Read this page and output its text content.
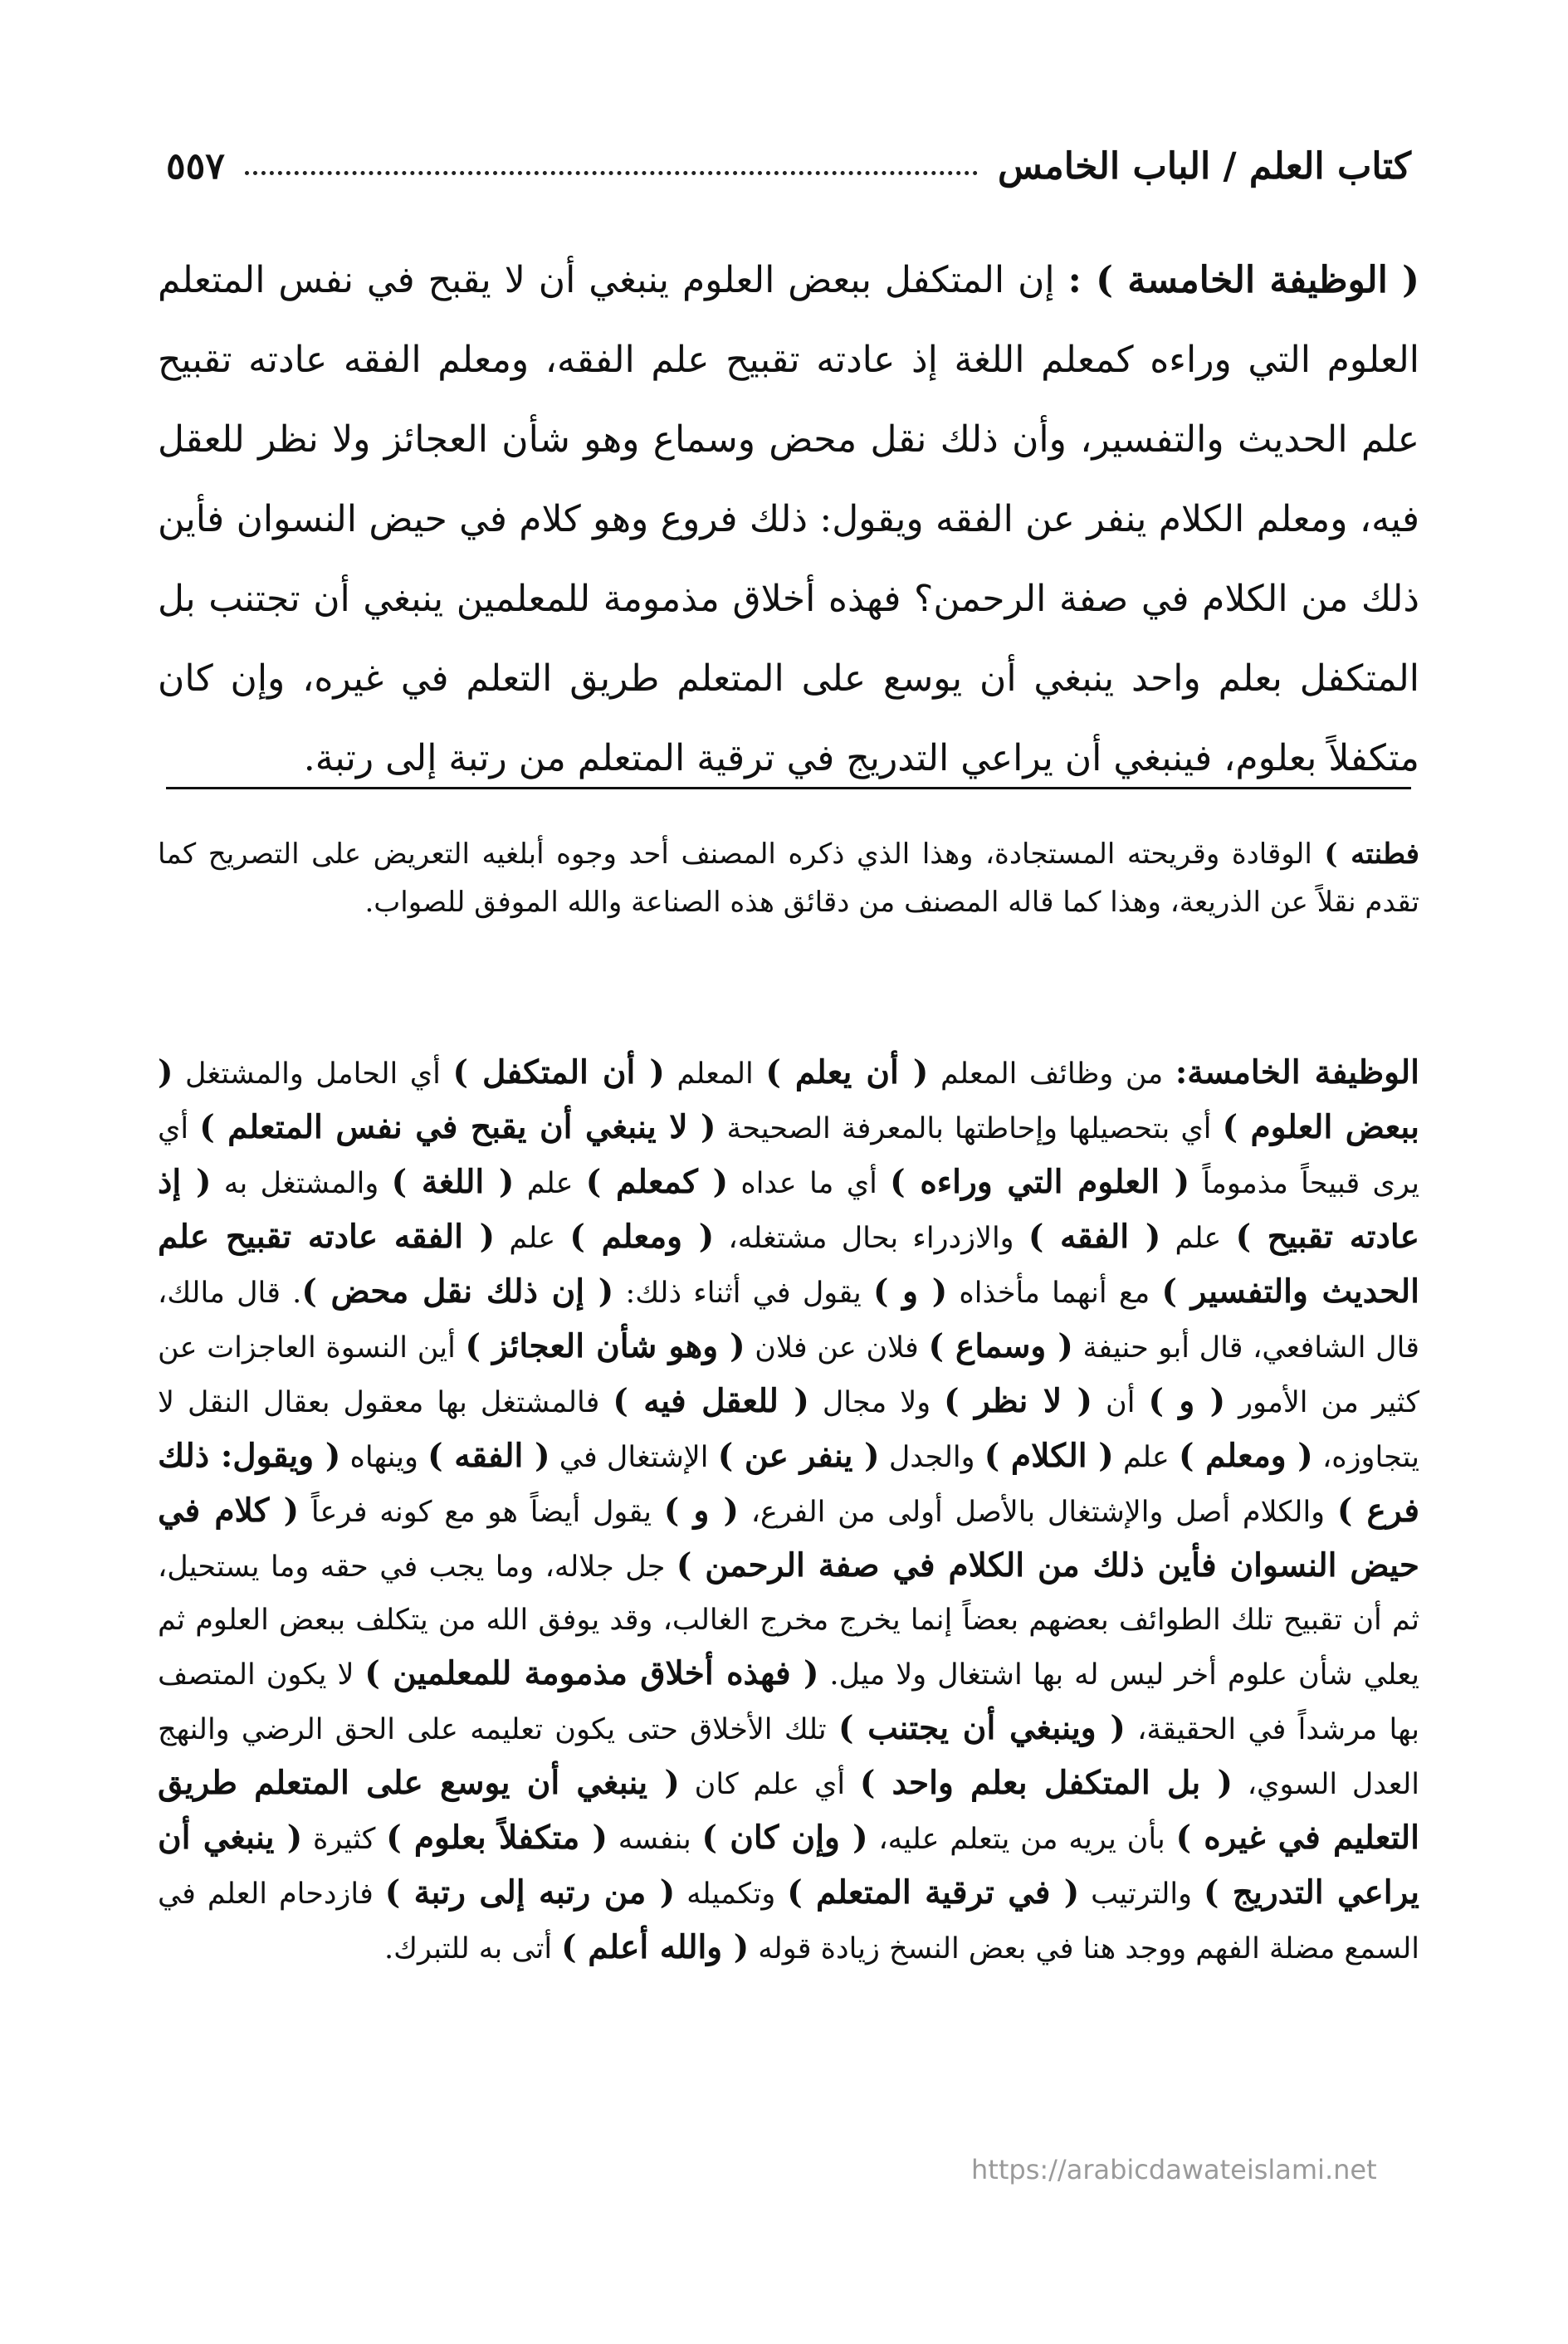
كتاب العلم / الباب الخامس
٥٥٧
( الوظيفة الخامسة ) : إن المتكفل ببعض العلوم ينبغي أن لا يقبح في نفس المتعلم العلوم التي وراءه كمعلم اللغة إذ عادته تقبيح علم الفقه، ومعلم الفقه عادته تقبيح علم الحديث والتفسير، وأن ذلك نقل محض وسماع وهو شأن العجائز ولا نظر للعقل فيه، ومعلم الكلام ينفر عن الفقه ويقول: ذلك فروع وهو كلام في حيض النسوان فأين ذلك من الكلام في صفة الرحمن؟ فهذه أخلاق مذمومة للمعلمين ينبغي أن تجتنب بل المتكفل بعلم واحد ينبغي أن يوسع على المتعلم طريق التعلم في غيره، وإن كان متكفلاً بعلوم، فينبغي أن يراعي التدريج في ترقية المتعلم من رتبة إلى رتبة.
فطنته ) الوقادة وقريحته المستجادة، وهذا الذي ذكره المصنف أحد وجوه أبلغيه التعريض على التصريح كما تقدم نقلاً عن الذريعة، وهذا كما قاله المصنف من دقائق هذه الصناعة والله الموفق للصواب.
الوظيفة الخامسة: من وظائف المعلم ( أن يعلم ) المعلم ( أن المتكفل ) أي الحامل والمشتغل ( ببعض العلوم ) أي بتحصيلها وإحاطتها بالمعرفة الصحيحة ( لا ينبغي أن يقبح في نفس المتعلم ) أي يرى قبيحاً مذموماً ( العلوم التي وراءه ) أي ما عداه ( كمعلم ) علم ( اللغة ) والمشتغل به ( إذ عادته تقبيح ) علم ( الفقه ) والازدراء بحال مشتغله، ( ومعلم ) علم ( الفقه عادته تقبيح علم الحديث والتفسير ) مع أنهما مأخذاه ( و ) يقول في أثناء ذلك: ( إن ذلك نقل محض ). قال مالك، قال الشافعي، قال أبو حنيفة ( وسماع ) فلان عن فلان ( وهو شأن العجائز ) أين النسوة العاجزات عن كثير من الأمور ( و ) أن ( لا نظر ) ولا مجال ( للعقل فيه ) فالمشتغل بها معقول بعقال النقل لا يتجاوزه، ( ومعلم ) علم ( الكلام ) والجدل ( ينفر عن ) الإشتغال في ( الفقه ) وينهاه ( ويقول: ذلك فرع ) والكلام أصل والإشتغال بالأصل أولى من الفرع، ( و ) يقول أيضاً هو مع كونه فرعاً ( كلام في حيض النسوان فأين ذلك من الكلام في صفة الرحمن ) جل جلاله، وما يجب في حقه وما يستحيل، ثم أن تقبيح تلك الطوائف بعضهم بعضاً إنما يخرج مخرج الغالب، وقد يوفق الله من يتكلف ببعض العلوم ثم يعلي شأن علوم أخر ليس له بها اشتغال ولا ميل. ( فهذه أخلاق مذمومة للمعلمين ) لا يكون المتصف بها مرشداً في الحقيقة، ( وينبغي أن يجتنب ) تلك الأخلاق حتى يكون تعليمه على الحق الرضي والنهج العدل السوي، ( بل المتكفل بعلم واحد ) أي علم كان ( ينبغي أن يوسع على المتعلم طريق التعليم في غيره ) بأن يريه من يتعلم عليه، ( وإن كان ) بنفسه ( متكفلاً بعلوم ) كثيرة ( ينبغي أن يراعي التدريج ) والترتيب ( في ترقية المتعلم ) وتكميله ( من رتبه إلى رتبة ) فازدحام العلم في السمع مضلة الفهم ووجد هنا في بعض النسخ زيادة قوله ( والله أعلم ) أتى به للتبرك.
https://arabicdawateislami.net
